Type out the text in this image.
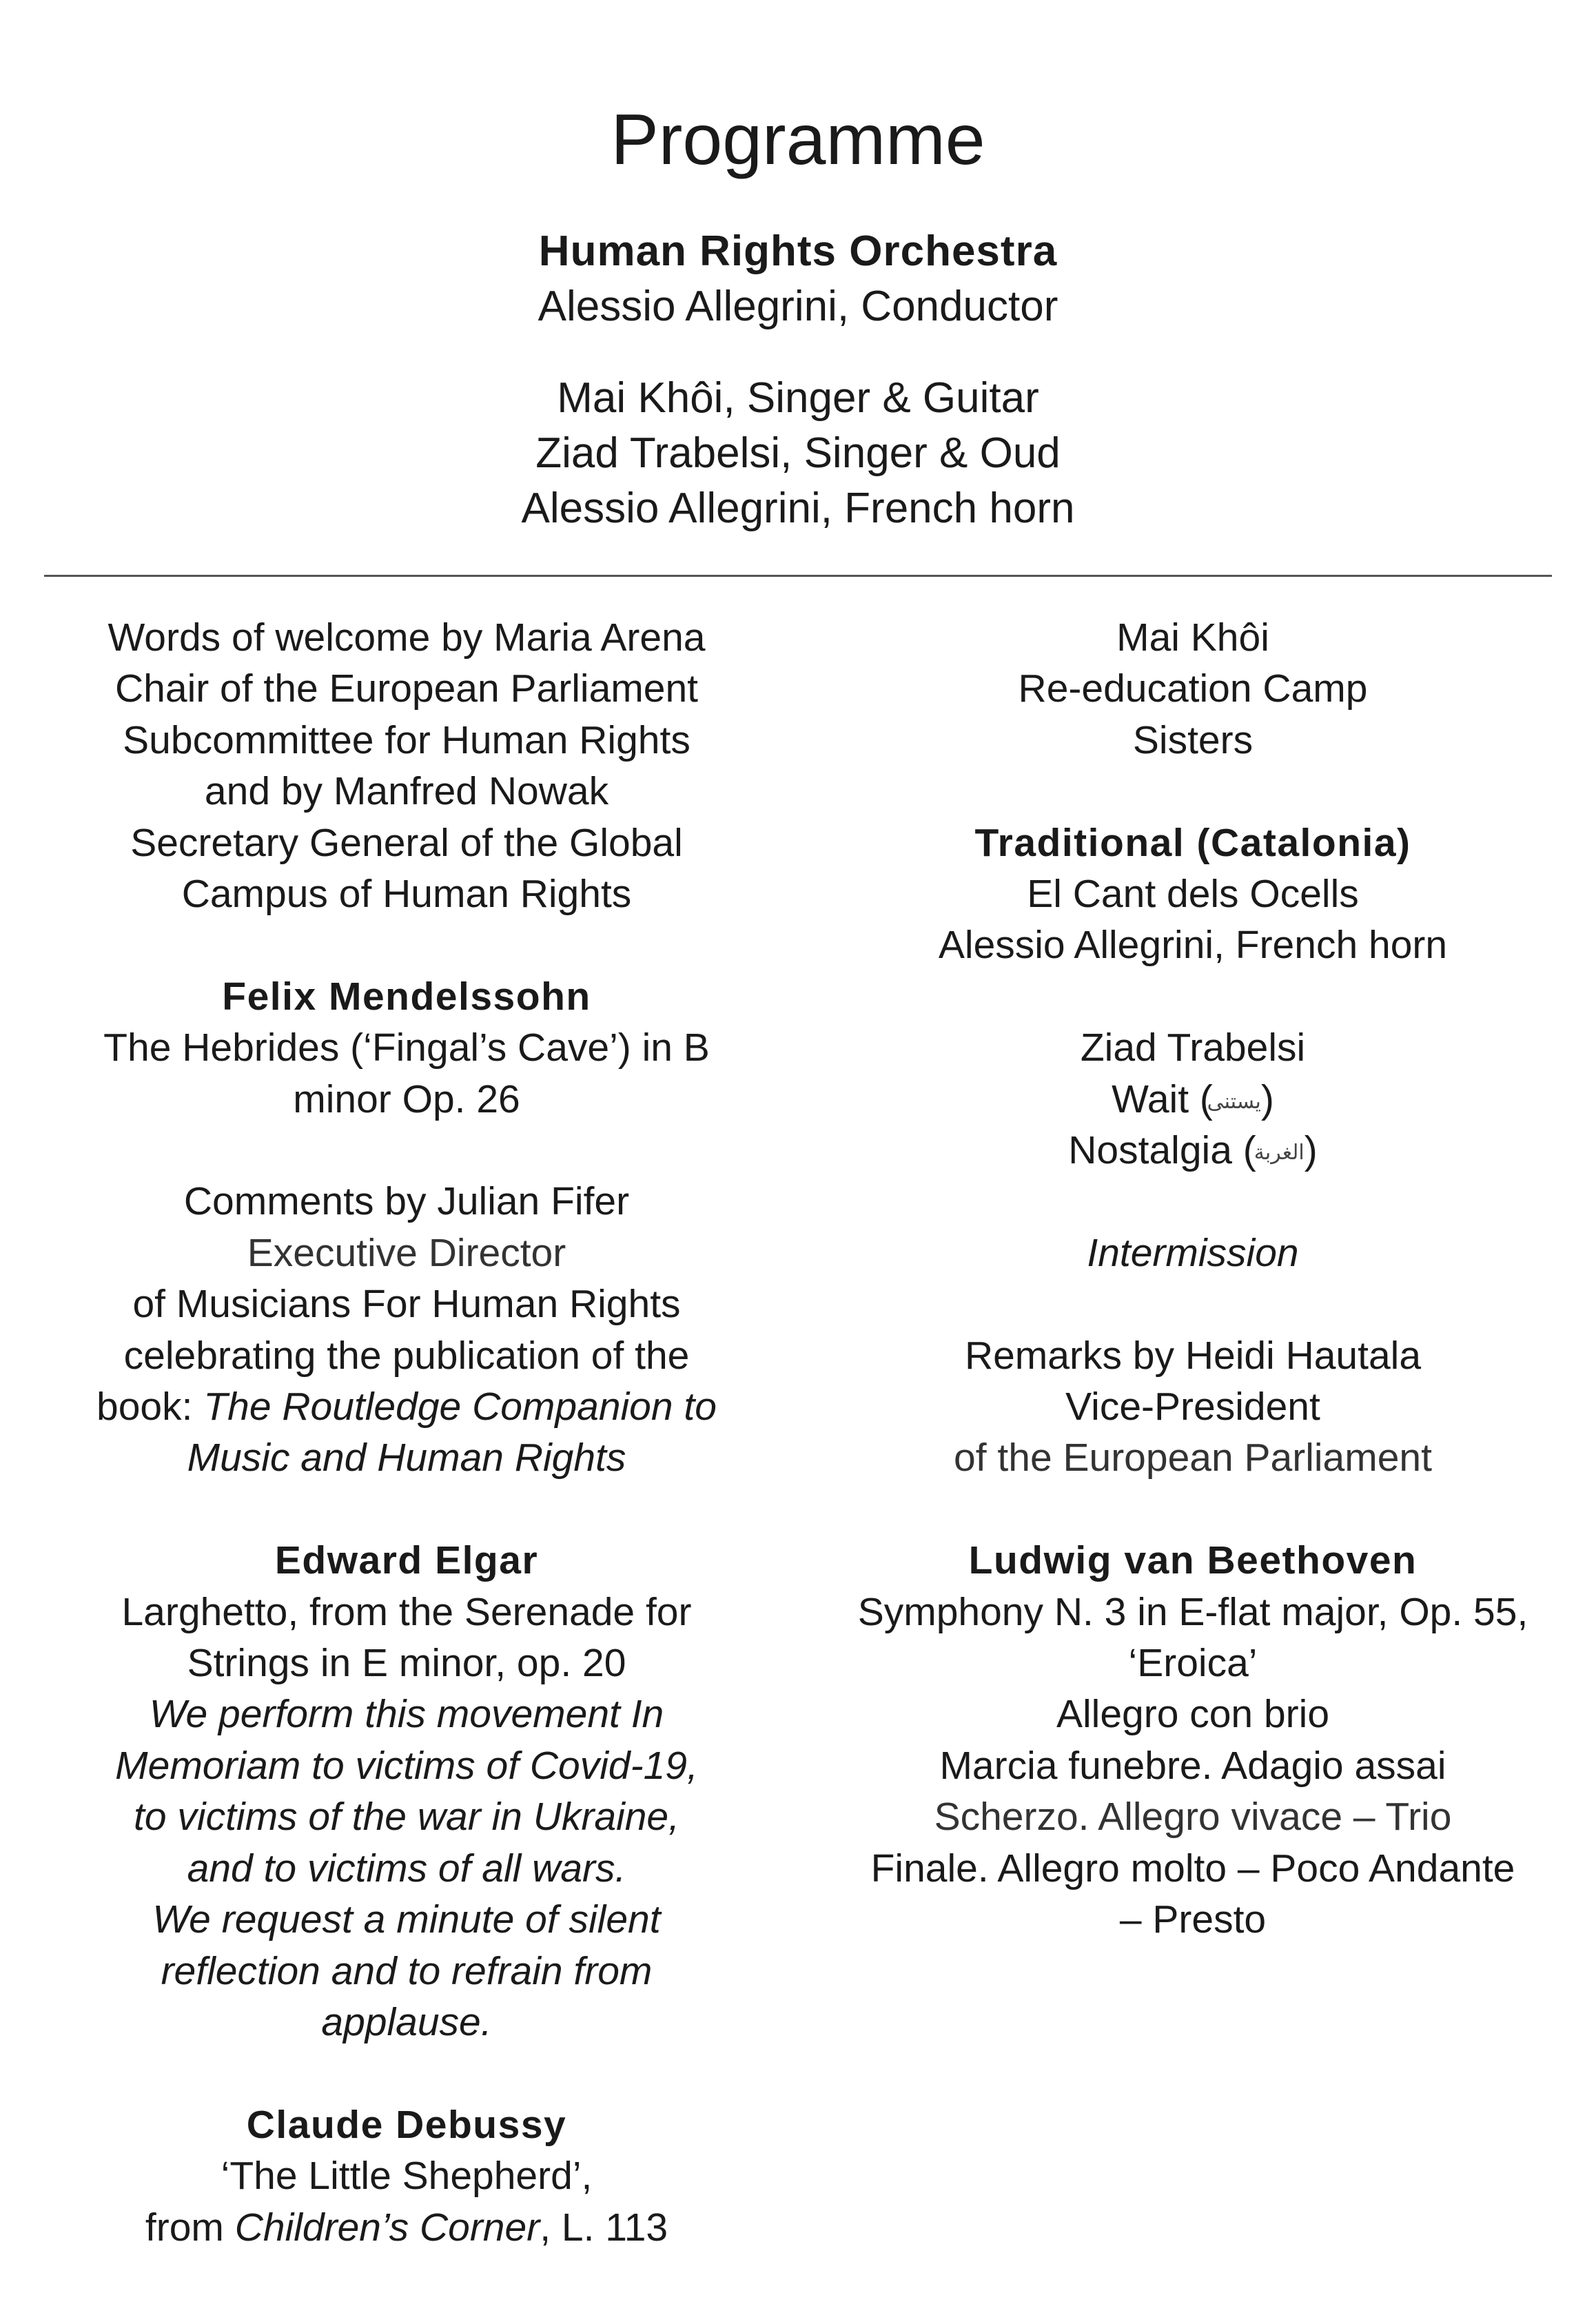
Programme
Human Rights Orchestra
Alessio Allegrini, Conductor
Mai Khôi, Singer & Guitar
Ziad Trabelsi, Singer & Oud
Alessio Allegrini, French horn
Words of welcome by Maria Arena
Chair of the European Parliament
Subcommittee for Human Rights
and by Manfred Nowak
Secretary General of the Global
Campus of Human Rights
Felix Mendelssohn
The Hebrides (‘Fingal’s Cave’) in B
minor Op. 26
Comments by Julian Fifer
Executive Director
of Musicians For Human Rights
celebrating the publication of the
book: The Routledge Companion to
Music and Human Rights
Edward Elgar
Larghetto, from the Serenade for
Strings in E minor, op. 20
We perform this movement In
Memoriam to victims of Covid-19,
to victims of the war in Ukraine,
and to victims of all wars.
We request a minute of silent
reflection and to refrain from
applause.
Claude Debussy
‘The Little Shepherd’,
from Children’s Corner, L. 113
Mai Khôi
Re-education Camp
Sisters
Traditional (Catalonia)
El Cant dels Ocells
Alessio Allegrini, French horn
Ziad Trabelsi
Wait (يستنى)
Nostalgia (الغربة)
Intermission
Remarks by Heidi Hautala
Vice-President
of the European Parliament
Ludwig van Beethoven
Symphony N. 3 in E-flat major, Op. 55,
‘Eroica’
Allegro con brio
Marcia funebre. Adagio assai
Scherzo. Allegro vivace – Trio
Finale. Allegro molto – Poco Andante
– Presto
